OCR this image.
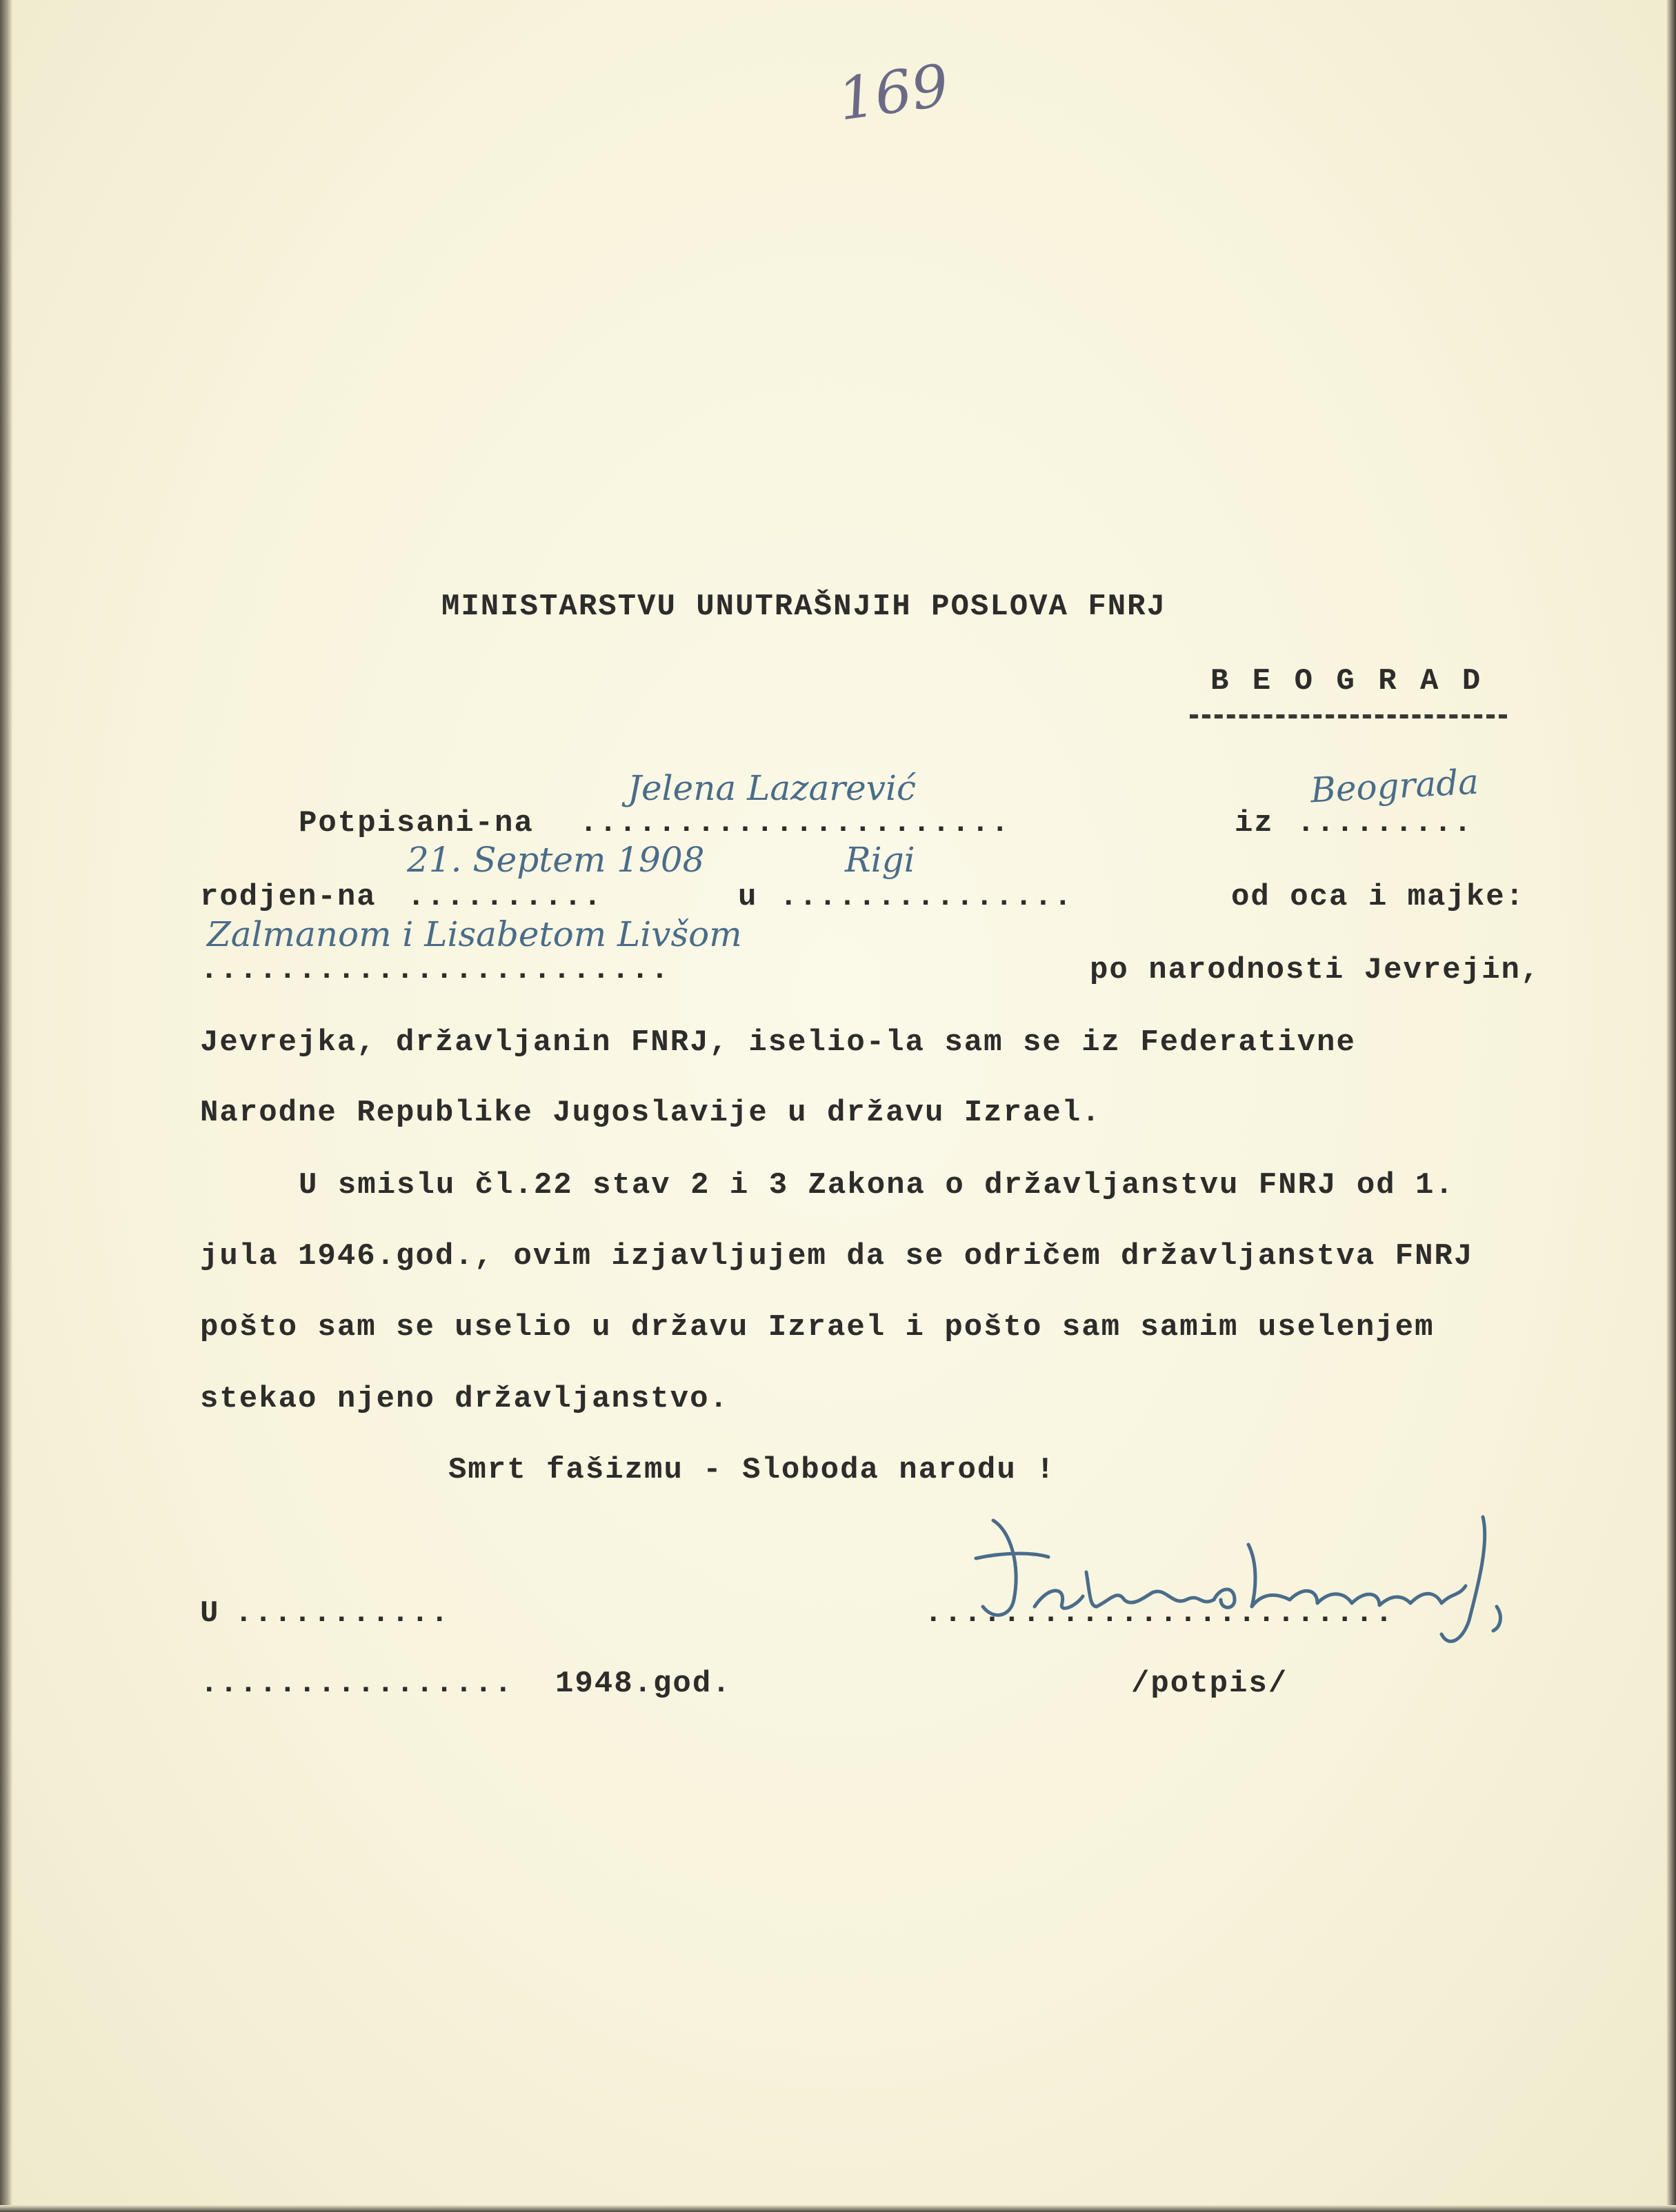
169

MINISTARSTVU UNUTRAŠNJIH POSLOVA FNRJ

B E O G R A D

Potpisani-na ......................	iz .........

Jelena Lazarević	Beograda

rodjen-na ..........	u ...............	od oca i majke:

21. Septem 1908	Rigi

........................	po narodnosti Jevrejin,

Zalmanom i Lisabetom Livšom

Jevrejka, državljanin FNRJ, iselio-la sam se iz Federativne

Narodne Republike Jugoslavije u državu Izrael.

U smislu čl.22 stav 2 i 3 Zakona o državljanstvu FNRJ od 1.

jula 1946.god., ovim izjavljujem da se odričem državljanstva FNRJ

pošto sam se uselio u državu Izrael i pošto sam samim uselenjem

stekao njeno državljanstvo.

Smrt fašizmu - Sloboda narodu !

U ...........	........................

................ 1948.god.	/potpis/
